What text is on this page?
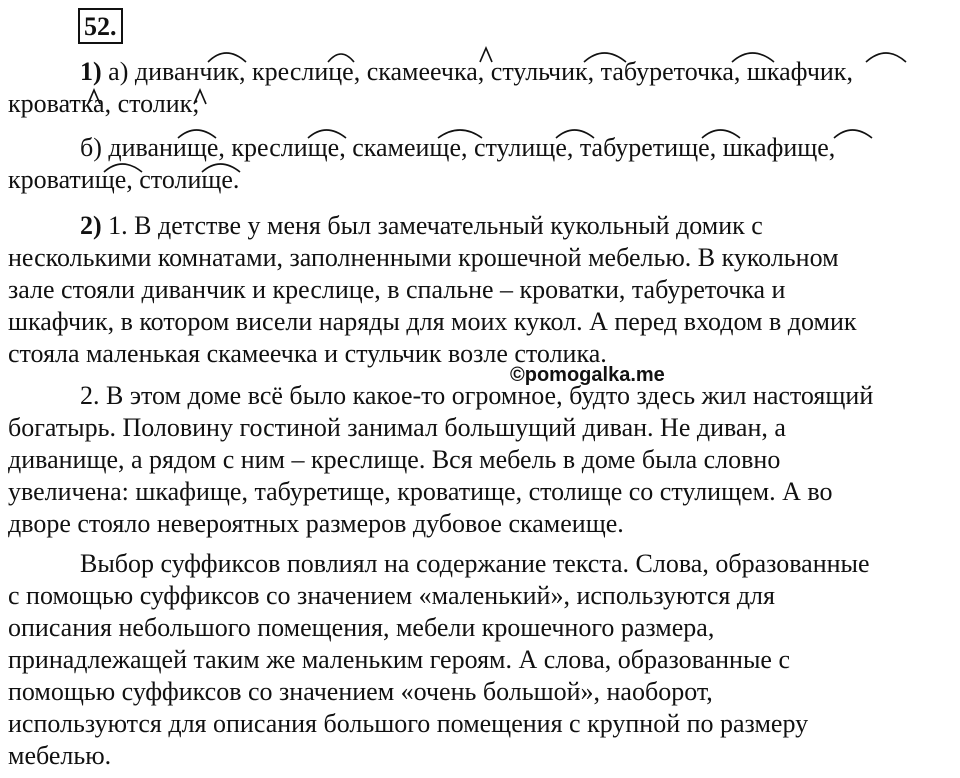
52.

1) а) диванчик, креслице, скамеечка, стульчик, табуреточка, шкафчик,
кроватка, столик;

б) диванище, креслище, скамеище, стулище, табуретище, шкафище,
кроватище, столище.

2) 1. В детстве у меня был замечательный кукольный домик с
несколькими комнатами, заполненными крошечной мебелью. В кукольном
зале стояли диванчик и креслице, в спальне – кроватки, табуреточка и
шкафчик, в котором висели наряды для моих кукол. А перед входом в домик
стояла маленькая скамеечка и стульчик возле столика.

2. В этом доме всё было какое-то огромное, будто здесь жил настоящий
богатырь. Половину гостиной занимал большущий диван. Не диван, а
диванище, а рядом с ним – креслище. Вся мебель в доме была словно
увеличена: шкафище, табуретище, кроватище, столище со стулищем. А во
дворе стояло невероятных размеров дубовое скамеище.

Выбор суффиксов повлиял на содержание текста. Слова, образованные
с помощью суффиксов со значением «маленький», используются для
описания небольшого помещения, мебели крошечного размера,
принадлежащей таким же маленьким героям. А слова, образованные с
помощью суффиксов со значением «очень большой», наоборот,
используются для описания большого помещения с крупной по размеру
мебелью.

©pomogalka.me
